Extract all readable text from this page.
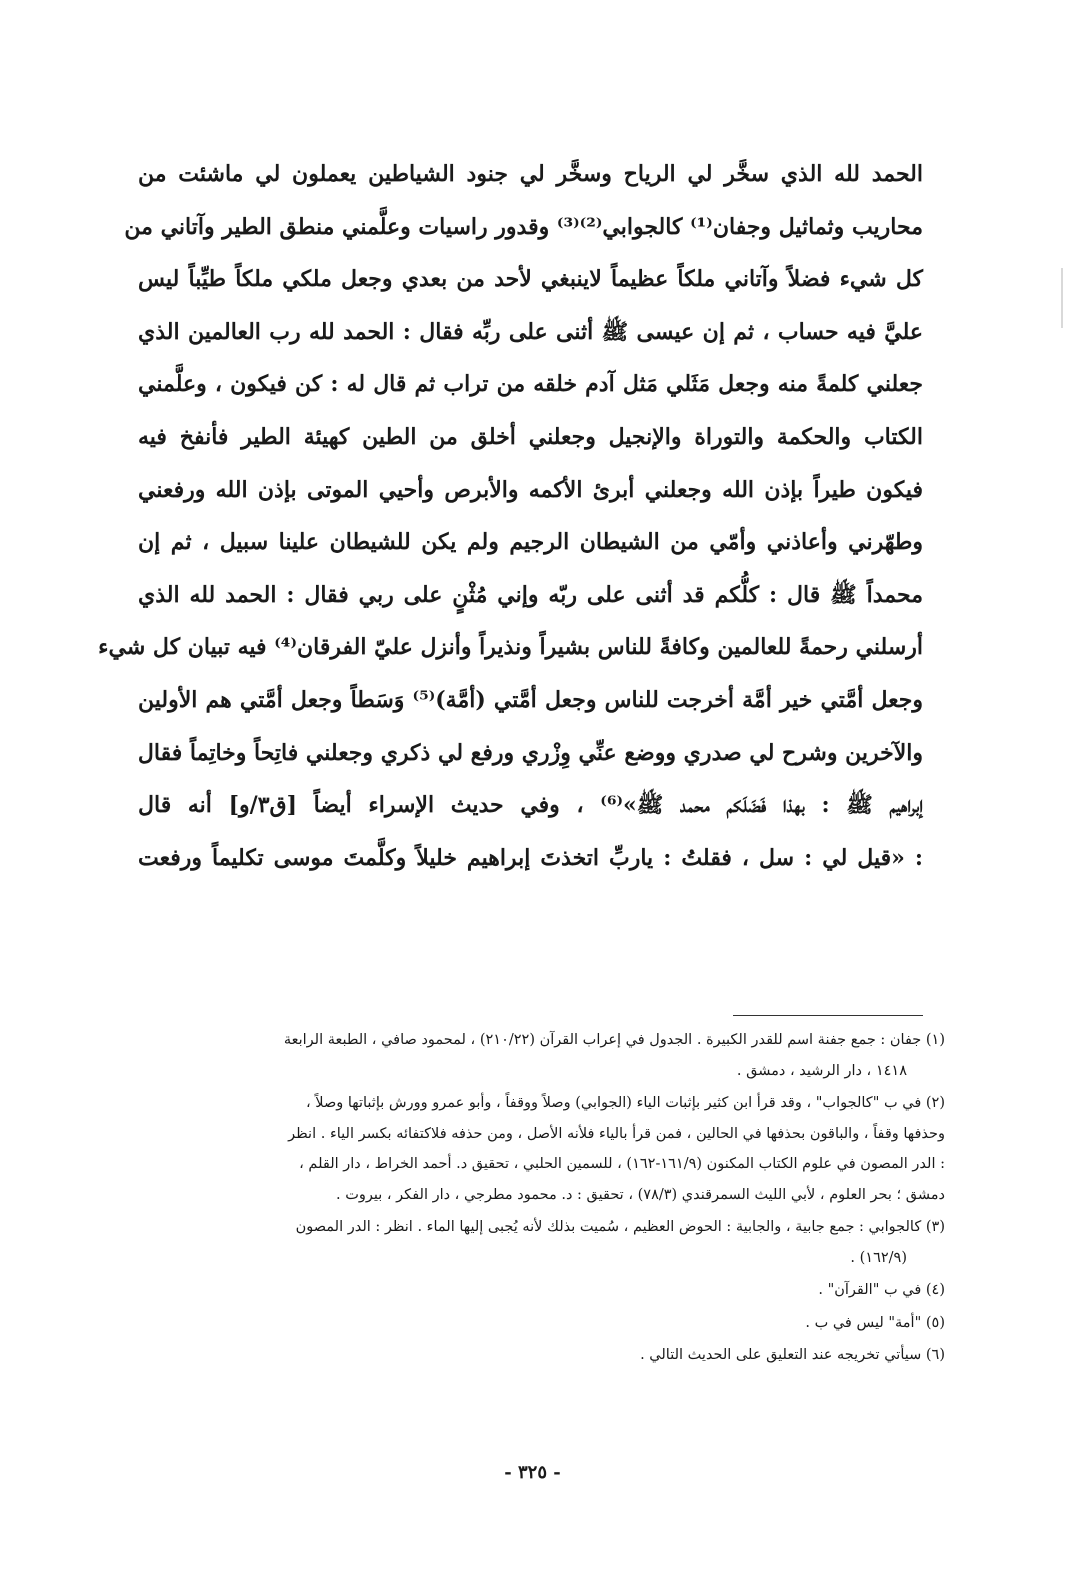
الحمد لله الذي سخَّر لي الرياح وسخَّر لي جنود الشياطين يعملون لي ماشئت من
محاريب وثماثيل وجفان⁽¹⁾ كالجوابي⁽²⁾⁽³⁾ وقدور راسيات وعلَّمني منطق الطير وآتاني من
كل شيء فضلاً وآتاني ملكاً عظيماً لاينبغي لأحد من بعدي وجعل ملكي ملكاً طيِّباً ليس
عليَّ فيه حساب ، ثم إن عيسى ﷺ أثنى على ربِّه فقال : الحمد لله رب العالمين الذي
جعلني كلمةً منه وجعل مَثَلي مَثل آدم خلقه من تراب ثم قال له : كن فيكون ، وعلَّمني
الكتاب والحكمة والتوراة والإنجيل وجعلني أخلق من الطين كهيئة الطير فأنفخ فيه
فيكون طيراً بإذن الله وجعلني أبرئ الأكمه والأبرص وأحيي الموتى بإذن الله ورفعني
وطهّرني وأعاذني وأمّي من الشيطان الرجيم ولم يكن للشيطان علينا سبيل ، ثم إن
محمداً ﷺ قال : كلُّكم قد أثنى على ربّه وإني مُثْنٍ على ربي فقال : الحمد لله الذي
أرسلني رحمةً للعالمين وكافةً للناس بشيراً ونذيراً وأنزل عليّ الفرقان⁽⁴⁾ فيه تبيان كل شيء
وجعل أمَّتي خير أمَّة أخرجت للناس وجعل أمَّتي (أمَّة)⁽⁵⁾ وَسَطاً وجعل أمَّتي هم الأولين
والآخرين وشرح لي صدري ووضع عنِّي وِزْري ورفع لي ذكري وجعلني فاتِحاً وخاتِماً فقال
إبراهيم ﷺ : بهذا فَضَلَكم محمد ﷺ»⁽⁶⁾ ، وفي حديث الإسراء أيضاً [ق٣/و] أنه قال
: «قيل لي : سل ، فقلتُ : ياربِّ اتخذتَ إبراهيم خليلاً وكلَّمتَ موسى تكليماً ورفعت
(١) جفان : جمع جفنة اسم للقدر الكبيرة . الجدول في إعراب القرآن (٢١٠/٢٢) ، لمحمود صافي ، الطبعة الرابعة
١٤١٨ ، دار الرشيد ، دمشق .
(٢) في ب "كالجواب" ، وقد قرأ ابن كثير بإثبات الياء (الجوابي) وصلاً ووقفاً ، وأبو عمرو وورش بإثباتها وصلاً ،
وحذفها وقفاً ، والباقون بحذفها في الحالين ، فمن قرأ بالياء فلأنه الأصل ، ومن حذفه فلاكتفائه بكسر الياء . انظر
: الدر المصون في علوم الكتاب المكنون (١٦١/٩-١٦٢) ، للسمين الحلبي ، تحقيق د. أحمد الخراط ، دار القلم ،
دمشق ؛ بحر العلوم ، لأبي الليث السمرقندي (٧٨/٣) ، تحقيق : د. محمود مطرجي ، دار الفكر ، بيروت .
(٣) كالجوابي : جمع جابية ، والجابية : الحوض العظيم ، سُميت بذلك لأنه يُجبى إليها الماء . انظر : الدر المصون
(١٦٢/٩) .
(٤) في ب "القرآن" .
(٥) "أمة" ليس في ب .
(٦) سيأتي تخريجه عند التعليق على الحديث التالي .
- ٣٢٥ -
